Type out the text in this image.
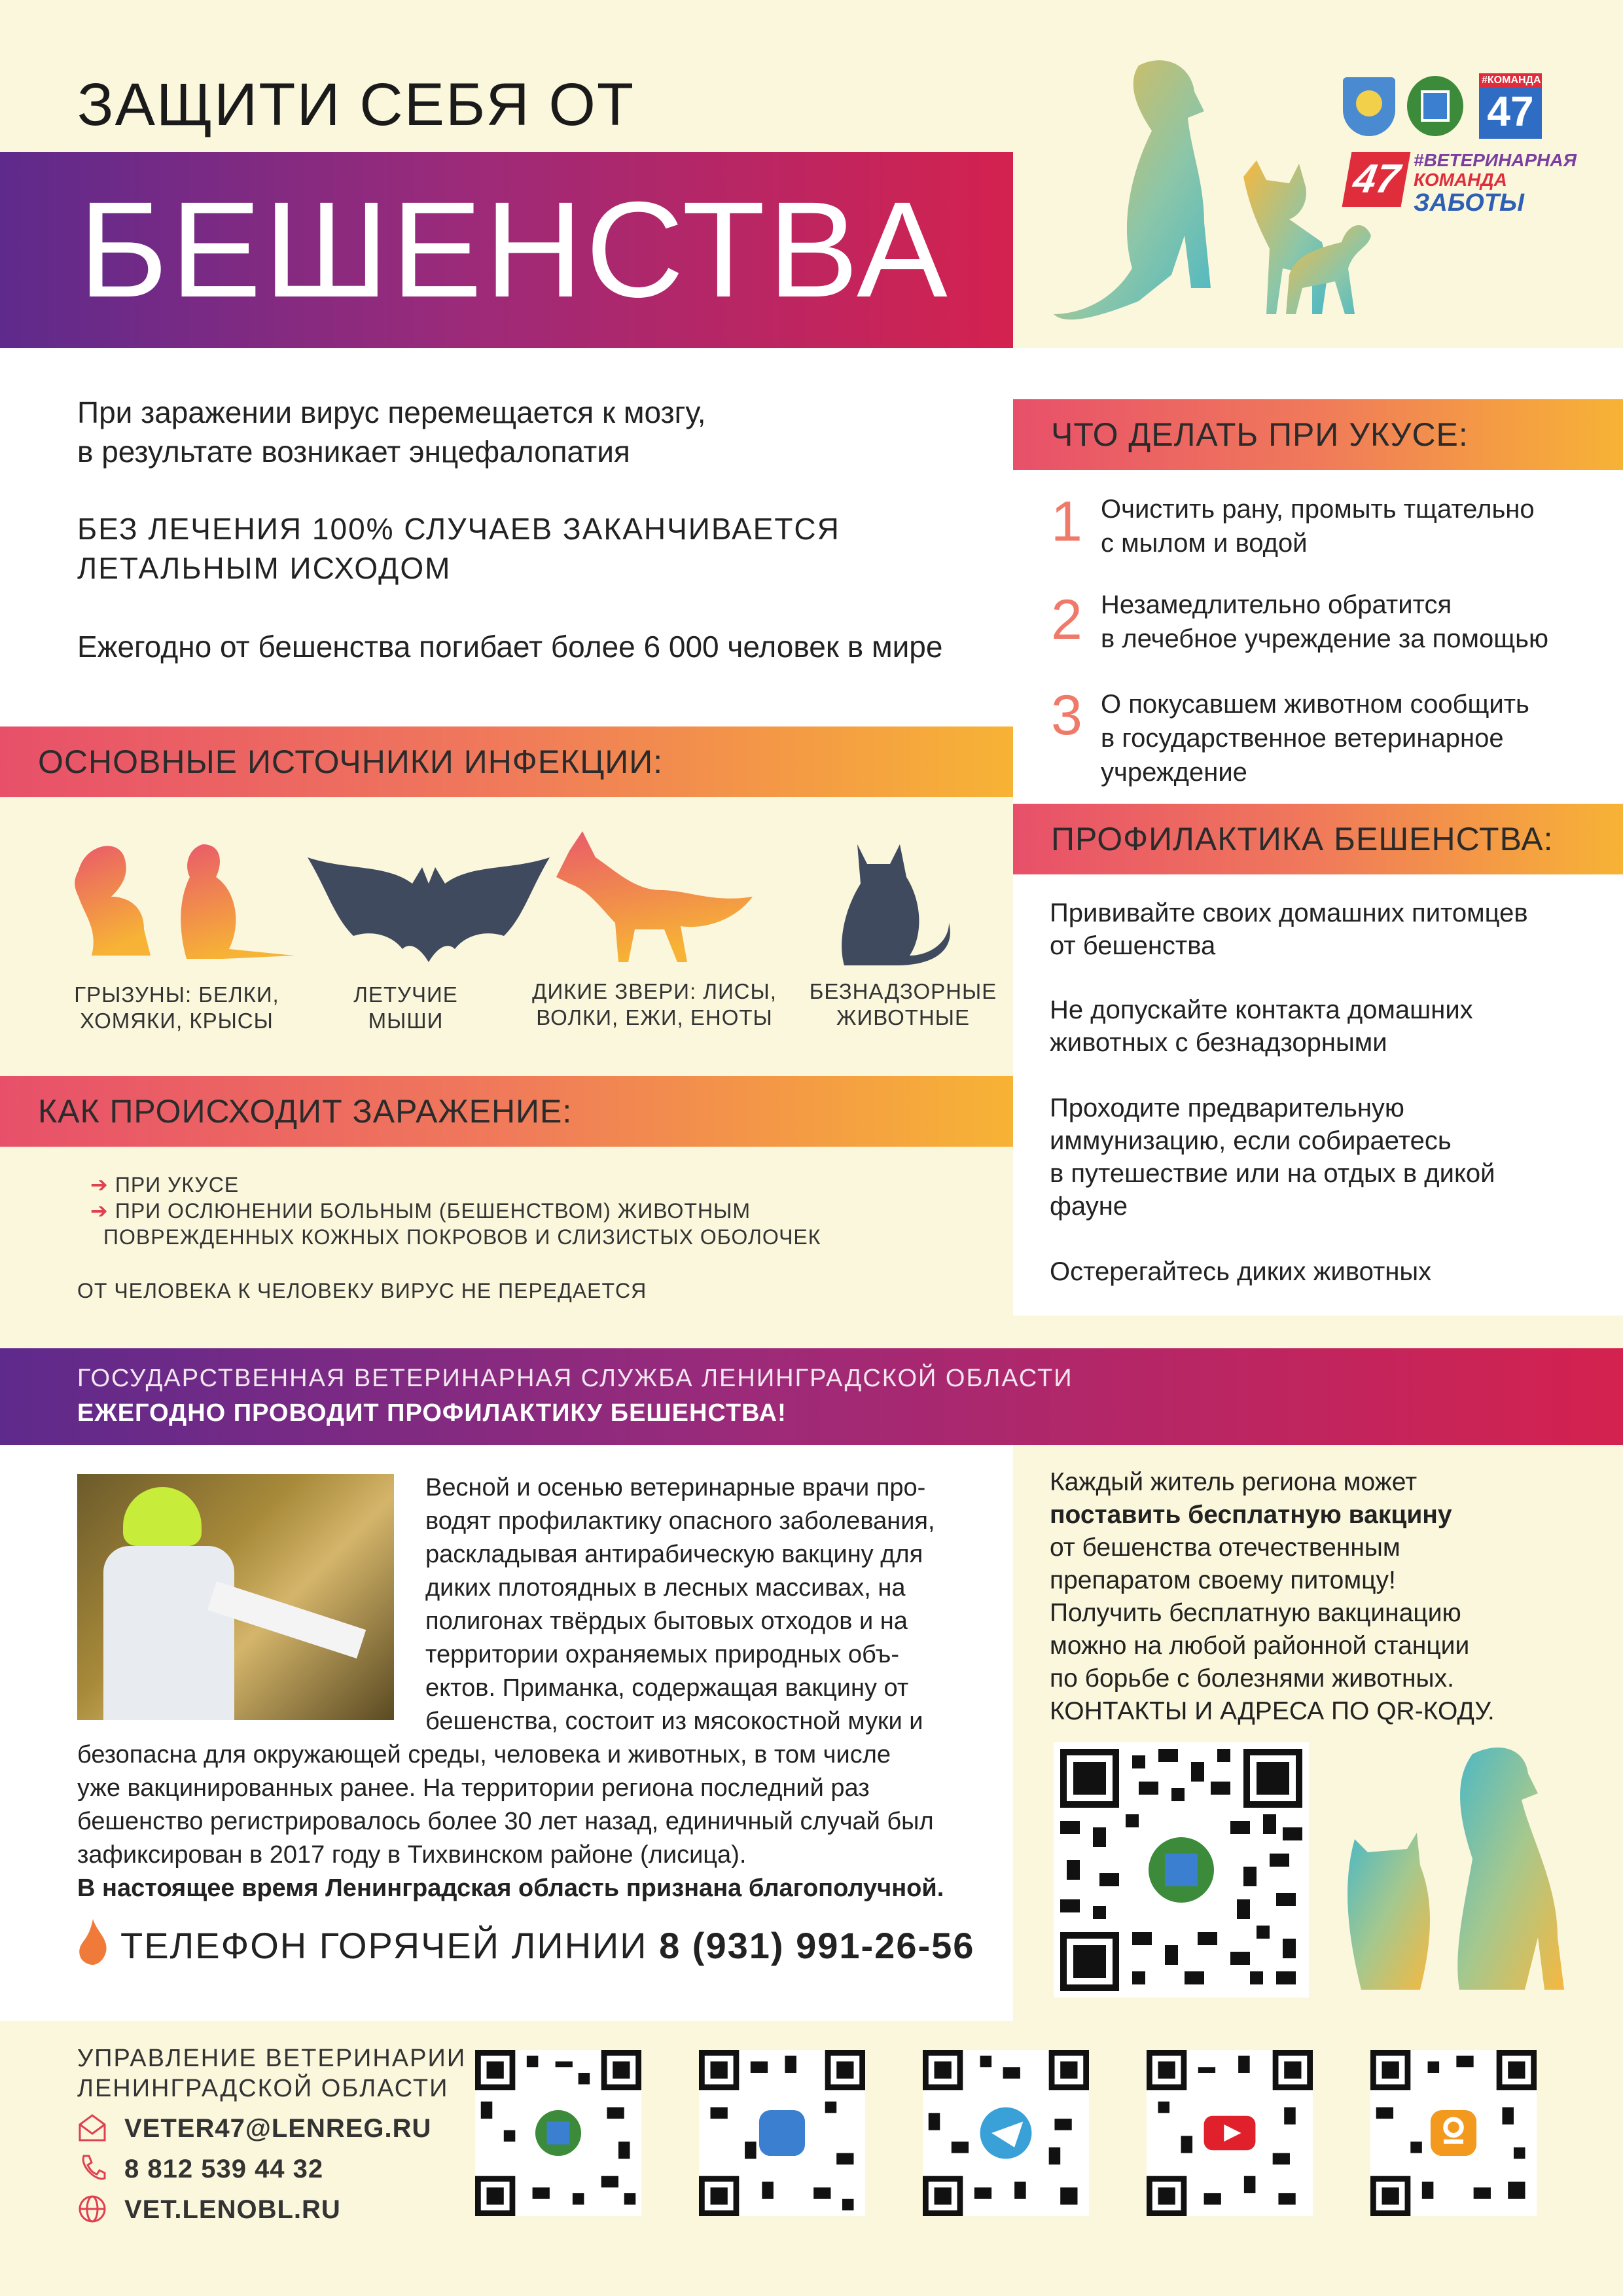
ЗАЩИТИ СЕБЯ ОТ
БЕШЕНСТВА
#КОМАНДА
47
47 #ВЕТЕРИНАРНАЯ
КОМАНДА
ЗАБОТЫ
При заражении вирус перемещается к мозгу,
в результате возникает энцефалопатия
БЕЗ ЛЕЧЕНИЯ 100% СЛУЧАЕВ ЗАКАНЧИВАЕТСЯ
ЛЕТАЛЬНЫМ ИСХОДОМ
Ежегодно от бешенства погибает более 6 000 человек в мире
ЧТО ДЕЛАТЬ ПРИ УКУСЕ:
1 Очистить рану, промыть тщательно
с мылом и водой
2 Незамедлительно обратится
в лечебное учреждение за помощью
3 О покусавшем животном сообщить
в государственное ветеринарное
учреждение
ПРОФИЛАКТИКА БЕШЕНСТВА:
Прививайте своих домашних питомцев
от бешенства
Не допускайте контакта домашних
животных с безнадзорными
Проходите предварительную
иммунизацию, если собираетесь
в путешествие или на отдых в дикой
фауне
Остерегайтесь диких животных
ОСНОВНЫЕ ИСТОЧНИКИ ИНФЕКЦИИ:
ГРЫЗУНЫ: БЕЛКИ,
ХОМЯКИ, КРЫСЫ
ЛЕТУЧИЕ
МЫШИ
ДИКИЕ ЗВЕРИ: ЛИСЫ,
ВОЛКИ, ЕЖИ, ЕНОТЫ
БЕЗНАДЗОРНЫЕ
ЖИВОТНЫЕ
КАК ПРОИСХОДИТ ЗАРАЖЕНИЕ:
➔ ПРИ УКУСЕ
➔ ПРИ ОСЛЮНЕНИИ БОЛЬНЫМ (БЕШЕНСТВОМ) ЖИВОТНЫМ
ПОВРЕЖДЕННЫХ КОЖНЫХ ПОКРОВОВ И СЛИЗИСТЫХ ОБОЛОЧЕК
ОТ ЧЕЛОВЕКА К ЧЕЛОВЕКУ ВИРУС НЕ ПЕРЕДАЕТСЯ
ГОСУДАРСТВЕННАЯ ВЕТЕРИНАРНАЯ СЛУЖБА ЛЕНИНГРАДСКОЙ ОБЛАСТИ
ЕЖЕГОДНО ПРОВОДИТ ПРОФИЛАКТИКУ БЕШЕНСТВА!
Весной и осенью ветеринарные врачи про-
водят профилактику опасного заболевания,
раскладывая антирабическую вакцину для
диких плотоядных в лесных массивах, на
полигонах твёрдых бытовых отходов и на
территории охраняемых природных объ-
ектов. Приманка, содержащая вакцину от
бешенства, состоит из мясокостной муки и
безопасна для окружающей среды, человека и животных, в том числе
уже вакцинированных ранее. На территории региона последний раз
бешенство регистрировалось более 30 лет назад, единичный случай был
зафиксирован в 2017 году в Тихвинском районе (лисица).
В настоящее время Ленинградская область признана благополучной.
ТЕЛЕФОН ГОРЯЧЕЙ ЛИНИИ 8 (931) 991-26-56
Каждый житель региона может
поставить бесплатную вакцину
от бешенства отечественным
препаратом своему питомцу!
Получить бесплатную вакцинацию
можно на любой районной станции
по борьбе с болезнями животных.
КОНТАКТЫ И АДРЕСА ПО QR-КОДУ.
УПРАВЛЕНИЕ ВЕТЕРИНАРИИ
ЛЕНИНГРАДСКОЙ ОБЛАСТИ
VETER47@LENREG.RU
8 812 539 44 32
VET.LENOBL.RU
